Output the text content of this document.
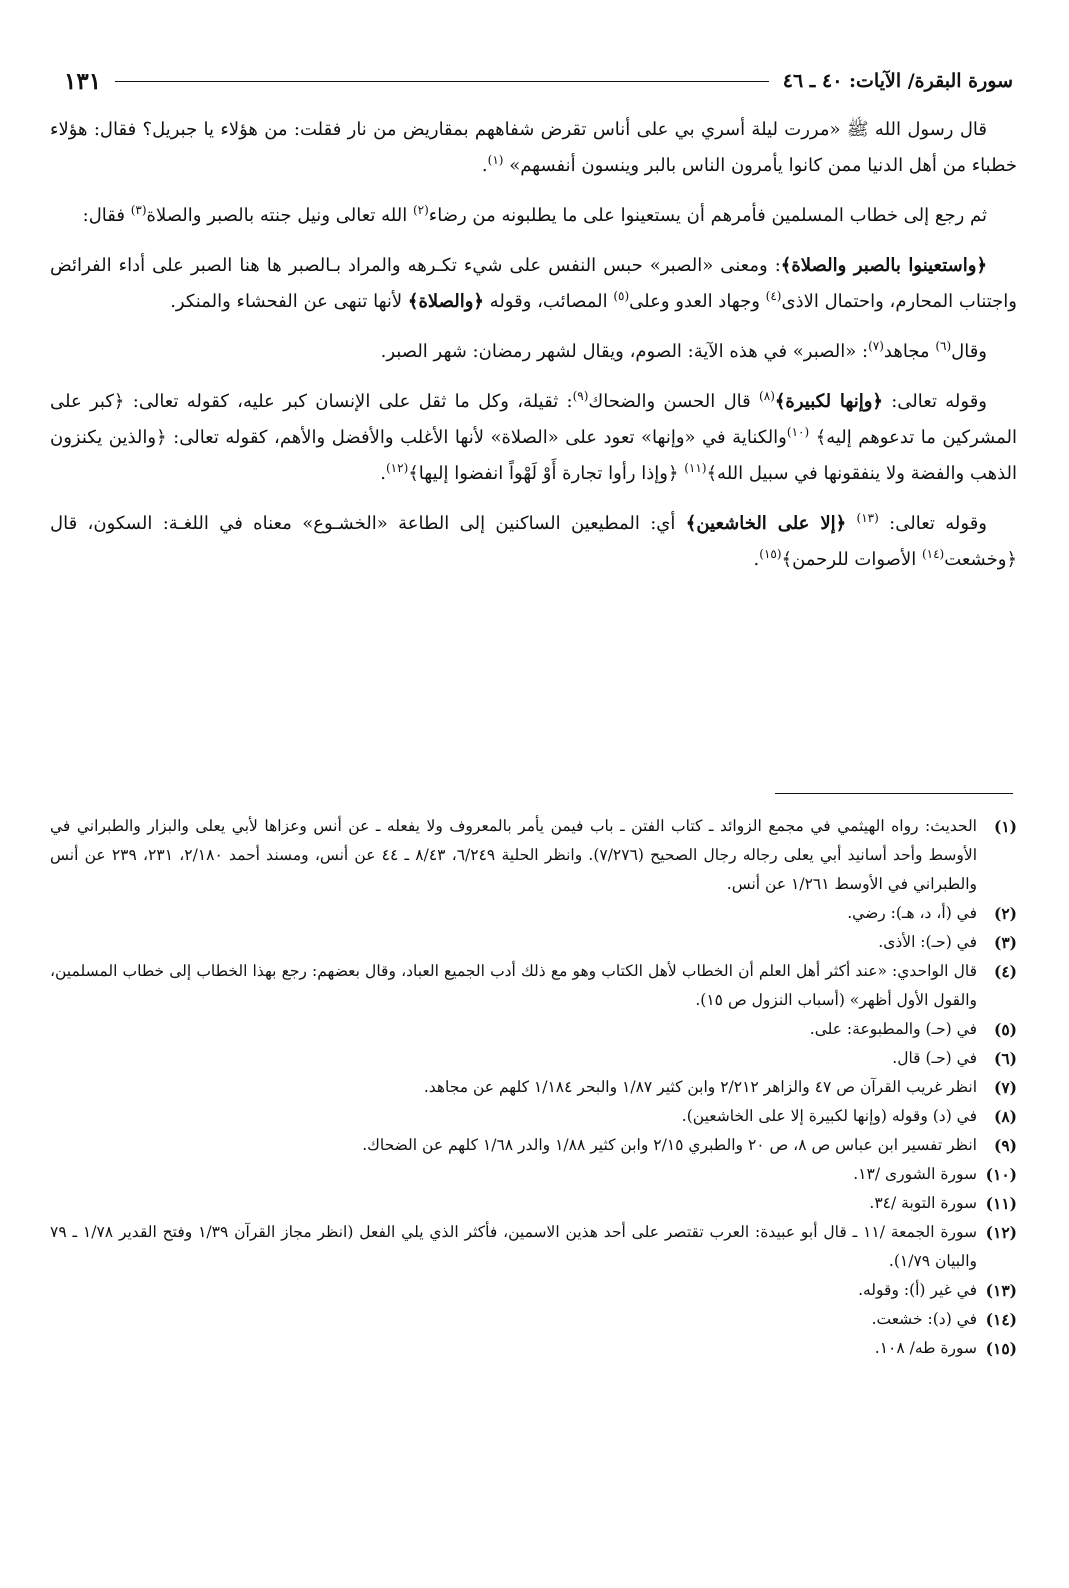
سورة البقرة/ الآيات: ٤٠ ـ ٤٦
١٣١

قال رسول الله ﷺ «مررت ليلة أسري بي على أناس تقرض شفاههم بمقاريض من نار فقلت: من هؤلاء يا جبريل؟ فقال: هؤلاء خطباء من أهل الدنيا ممن كانوا يأمرون الناس بالبر وينسون أنفسهم» $^{(١)}$.

ثم رجع إلى خطاب المسلمين فأمرهم أن يستعينوا على ما يطلبونه من رضاء$^{(٢)}$ الله تعالى ونيل جنته بالصبر والصلاة$^{(٣)}$ فقال:

﴿واستعينوا بالصبر والصلاة﴾: ومعنى «الصبر» حبس النفس على شيء تكـرهه والمراد بـالصبر ها هنا الصبر على أداء الفرائض واجتناب المحارم، واحتمال الاذى$^{(٤)}$ وجهاد العدو وعلى$^{(٥)}$ المصائب، وقوله ﴿والصلاة﴾ لأنها تنهى عن الفحشاء والمنكر.

وقال$^{(٦)}$ مجاهد$^{(٧)}$: «الصبر» في هذه الآية: الصوم، ويقال لشهر رمضان: شهر الصبر.

وقوله تعالى: ﴿وإنها لكبيرة﴾$^{(٨)}$ قال الحسن والضحاك$^{(٩)}$: ثقيلة، وكل ما ثقل على الإنسان كبر عليه، كقوله تعالى: ﴿كبر على المشركين ما تدعوهم إليه﴾ $^{(١٠)}$والكناية في «وإنها» تعود على «الصلاة» لأنها الأغلب والأفضل والأهم، كقوله تعالى: ﴿والذين يكنزون الذهب والفضة ولا ينفقونها في سبيل الله﴾$^{(١١)}$ ﴿وإذا رأوا تجارة أَوْ لَهْواً انفضوا إليها﴾$^{(١٢)}$.

وقوله تعالى: $^{(١٣)}$ ﴿إلا على الخاشعين﴾ أي: المطيعين الساكنين إلى الطاعة «الخشـوع» معناه في اللغـة: السكون، قال ﴿وخشعت$^{(١٤)}$ الأصوات للرحمن﴾$^{(١٥)}$.

(١)
الحديث: رواه الهيثمي في مجمع الزوائد ـ كتاب الفتن ـ باب فيمن يأمر بالمعروف ولا يفعله ـ عن أنس وعزاها لأبي يعلى والبزار والطبراني في الأوسط وأحد أسانيد أبي يعلى رجاله رجال الصحيح (٧/٢٧٦). وانظر الحلية ٦/٢٤٩، ٨/٤٣ ـ ٤٤ عن أنس، ومسند أحمد ٢/١٨٠، ٢٣١، ٢٣٩ عن أنس والطبراني في الأوسط ١/٢٦١ عن أنس.
(٢)
في (أ، د، هـ): رضي.
(٣)
في (حـ): الأذى.
(٤)
قال الواحدي: «عند أكثر أهل العلم أن الخطاب لأهل الكتاب وهو مع ذلك أدب الجميع العباد، وقال بعضهم: رجع بهذا الخطاب إلى خطاب المسلمين، والقول الأول أظهر» (أسباب النزول ص ١٥).
(٥)
في (حـ) والمطبوعة: على.
(٦)
في (حـ) قال.
(٧)
انظر غريب القرآن ص ٤٧ والزاهر ٢/٢١٢ وابن كثير ١/٨٧ والبحر ١/١٨٤ كلهم عن مجاهد.
(٨)
في (د) وقوله (وإنها لكبيرة إلا على الخاشعين).
(٩)
انظر تفسير ابن عباس ص ٨، ص ٢٠ والطبري ٢/١٥ وابن كثير ١/٨٨ والدر ١/٦٨ كلهم عن الضحاك.
(١٠)
سورة الشورى /١٣.
(١١)
سورة التوبة /٣٤.
(١٢)
سورة الجمعة /١١ ـ قال أبو عبيدة: العرب تقتصر على أحد هذين الاسمين، فأكثر الذي يلي الفعل (انظر مجاز القرآن ١/٣٩ وفتح القدير ١/٧٨ ـ ٧٩ والبيان ١/٧٩).
(١٣)
في غير (أ): وقوله.
(١٤)
في (د): خشعت.
(١٥)
سورة طه/ ١٠٨.
